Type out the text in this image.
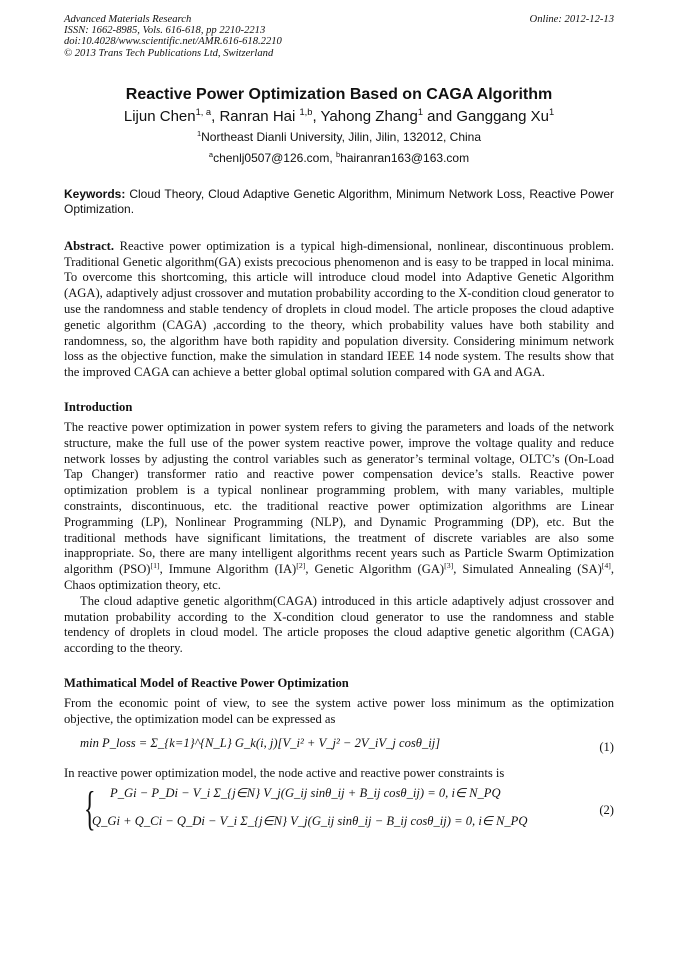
Advanced Materials Research
ISSN: 1662-8985, Vols. 616-618, pp 2210-2213
doi:10.4028/www.scientific.net/AMR.616-618.2210
© 2013 Trans Tech Publications Ltd, Switzerland
Online: 2012-12-13
Reactive Power Optimization Based on CAGA Algorithm
Lijun Chen$^{1, a}$, Ranran Hai $^{1,b}$, Yahong Zhang$^1$ and Ganggang Xu$^1$
$^1$Northeast Dianli University, Jilin, Jilin, 132012, China
$^a$chenlj0507@126.com, $^b$hairanran163@163.com
Keywords: Cloud Theory, Cloud Adaptive Genetic Algorithm, Minimum Network Loss, Reactive Power Optimization.

Abstract. Reactive power optimization is a typical high-dimensional, nonlinear, discontinuous problem. Traditional Genetic algorithm(GA) exists precocious phenomenon and is easy to be trapped in local minima. To overcome this shortcoming, this article will introduce cloud model into Adaptive Genetic Algorithm (AGA), adaptively adjust crossover and mutation probability according to the X-condition cloud generator to use the randomness and stable tendency of droplets in cloud model. The article proposes the cloud adaptive genetic algorithm (CAGA) ,according to the theory, which probability values have both stability and randomness, so, the algorithm have both rapidity and population diversity. Considering minimum network loss as the objective function, make the simulation in standard IEEE 14 node system. The results show that the improved CAGA can achieve a better global optimal solution compared with GA and AGA.

Introduction

The reactive power optimization in power system refers to giving the parameters and loads of the network structure, make the full use of the power system reactive power, improve the voltage quality and reduce network losses by adjusting the control variables such as generator’s terminal voltage, OLTC’s (On-Load Tap Changer) transformer ratio and reactive power compensation device’s stalls. Reactive power optimization problem is a typical nonlinear programming problem, with many variables, multiple constraints, discontinuous, etc. the traditional reactive power optimization algorithms are Linear Programming (LP), Nonlinear Programming (NLP), and Dynamic Programming (DP), etc. But the traditional methods have significant limitations, the treatment of discrete variables are also some inappropriate. So, there are many intelligent algorithms recent years such as Particle Swarm Optimization algorithm (PSO)[1], Immune Algorithm (IA)[2], Genetic Algorithm (GA)[3], Simulated Annealing (SA)[4], Chaos optimization theory, etc.

The cloud adaptive genetic algorithm(CAGA) introduced in this article adaptively adjust crossover and mutation probability according to the X-condition cloud generator to use the randomness and stable tendency of droplets in cloud model. The article proposes the cloud adaptive genetic algorithm (CAGA) according to the theory.

Mathimatical Model of Reactive Power Optimization

From the economic point of view, to see the system active power loss minimum as the optimization objective, the optimization model can be expressed as

min P_loss = Σ_{k=1}^{N_L} G_k(i, j)[V_i² + V_j² − 2V_iV_j cosθ_ij]	(1)

In reactive power optimization model, the node active and reactive power constraints is

{ P_Gi − P_Di − V_i Σ_{j∈N} V_j(G_ij sinθ_ij + B_ij cosθ_ij) = 0, i∈ N_PQ
Q_Gi + Q_Ci − Q_Di − V_i Σ_{j∈N} V_j(G_ij sinθ_ij − B_ij cosθ_ij) = 0, i∈ N_PQ
(2)
